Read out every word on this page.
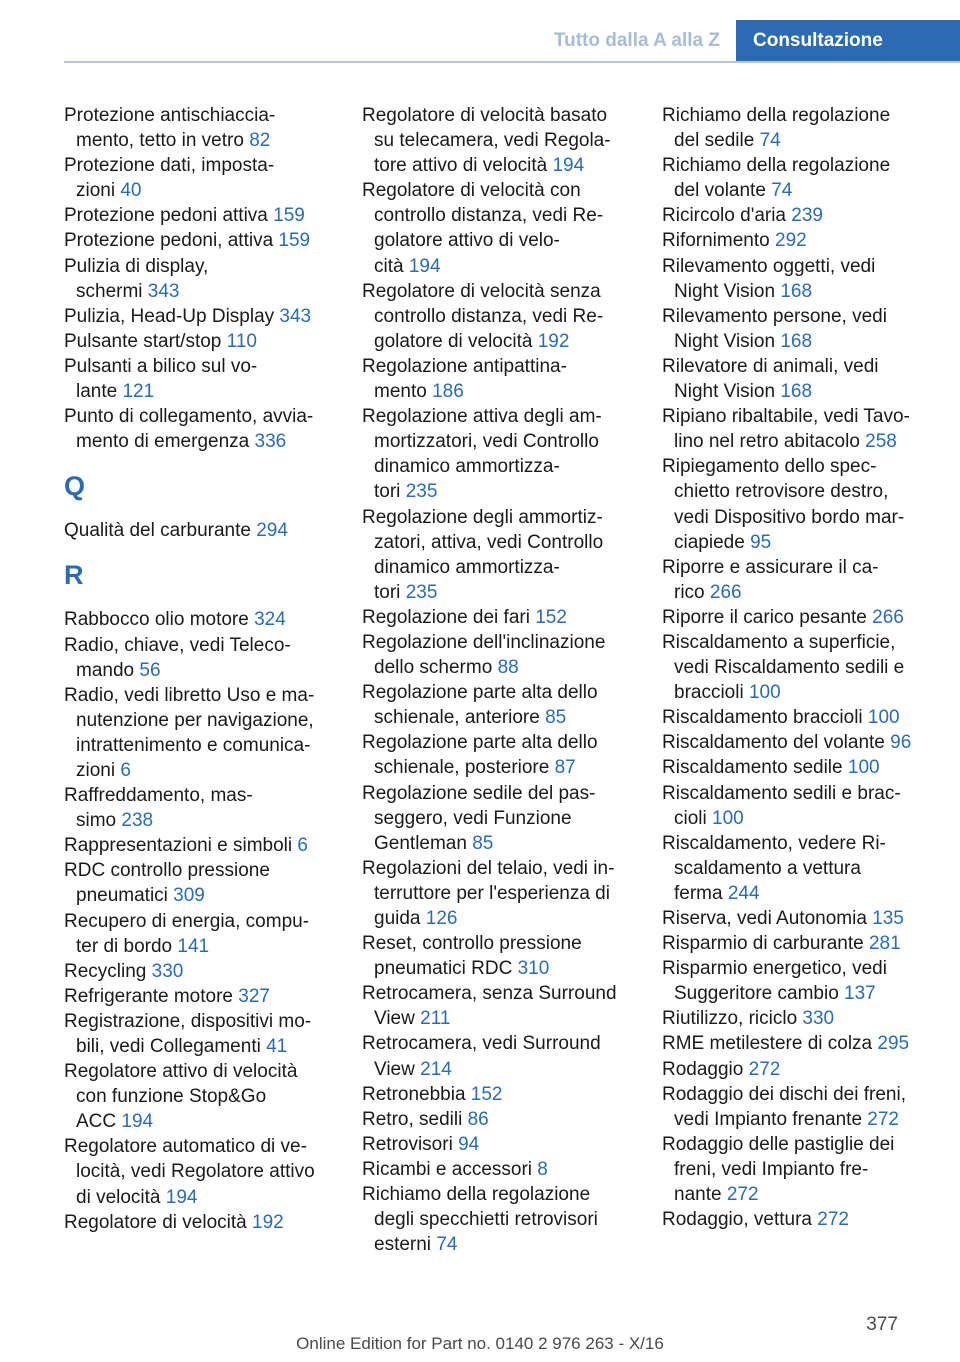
Tutto dalla A alla Z	Consultazione

Protezione antischiaccia-
mento, tetto in vetro 82

Protezione dati, imposta-
zioni 40

Protezione pedoni attiva 159

Protezione pedoni, attiva 159

Pulizia di display,
schermi 343

Pulizia, Head-Up Display 343

Pulsante start/stop 110

Pulsanti a bilico sul vo-
lante 121

Punto di collegamento, avvia-
mento di emergenza 336

Q

Qualità del carburante 294

R

Rabbocco olio motore 324

Radio, chiave, vedi Teleco-
mando 56

Radio, vedi libretto Uso e ma-
nutenzione per navigazione,
intrattenimento e comunica-
zioni 6

Raffreddamento, mas-
simo 238

Rappresentazioni e simboli 6

RDC controllo pressione
pneumatici 309

Recupero di energia, compu-
ter di bordo 141

Recycling 330

Refrigerante motore 327

Registrazione, dispositivi mo-
bili, vedi Collegamenti 41

Regolatore attivo di velocità
con funzione Stop&Go
ACC 194

Regolatore automatico di ve-
locità, vedi Regolatore attivo
di velocità 194

Regolatore di velocità 192

Regolatore di velocità basato
su telecamera, vedi Regola-
tore attivo di velocità 194

Regolatore di velocità con
controllo distanza, vedi Re-
golatore attivo di velo-
cità 194

Regolatore di velocità senza
controllo distanza, vedi Re-
golatore di velocità 192

Regolazione antipattina-
mento 186

Regolazione attiva degli am-
mortizzatori, vedi Controllo
dinamico ammortizza-
tori 235

Regolazione degli ammortiz-
zatori, attiva, vedi Controllo
dinamico ammortizza-
tori 235

Regolazione dei fari 152

Regolazione dell'inclinazione
dello schermo 88

Regolazione parte alta dello
schienale, anteriore 85

Regolazione parte alta dello
schienale, posteriore 87

Regolazione sedile del pas-
seggero, vedi Funzione
Gentleman 85

Regolazioni del telaio, vedi in-
terruttore per l'esperienza di
guida 126

Reset, controllo pressione
pneumatici RDC 310

Retrocamera, senza Surround
View 211

Retrocamera, vedi Surround
View 214

Retronebbia 152

Retro, sedili 86

Retrovisori 94

Ricambi e accessori 8

Richiamo della regolazione
degli specchietti retrovisori
esterni 74

Richiamo della regolazione
del sedile 74

Richiamo della regolazione
del volante 74

Ricircolo d'aria 239

Rifornimento 292

Rilevamento oggetti, vedi
Night Vision 168

Rilevamento persone, vedi
Night Vision 168

Rilevatore di animali, vedi
Night Vision 168

Ripiano ribaltabile, vedi Tavo-
lino nel retro abitacolo 258

Ripiegamento dello spec-
chietto retrovisore destro,
vedi Dispositivo bordo mar-
ciapiede 95

Riporre e assicurare il ca-
rico 266

Riporre il carico pesante 266

Riscaldamento a superficie,
vedi Riscaldamento sedili e
braccioli 100

Riscaldamento braccioli 100

Riscaldamento del volante 96

Riscaldamento sedile 100

Riscaldamento sedili e brac-
cioli 100

Riscaldamento, vedere Ri-
scaldamento a vettura
ferma 244

Riserva, vedi Autonomia 135

Risparmio di carburante 281

Risparmio energetico, vedi
Suggeritore cambio 137

Riutilizzo, riciclo 330

RME metilestere di colza 295

Rodaggio 272

Rodaggio dei dischi dei freni,
vedi Impianto frenante 272

Rodaggio delle pastiglie dei
freni, vedi Impianto fre-
nante 272

Rodaggio, vettura 272

377
Online Edition for Part no. 0140 2 976 263 - X/16
